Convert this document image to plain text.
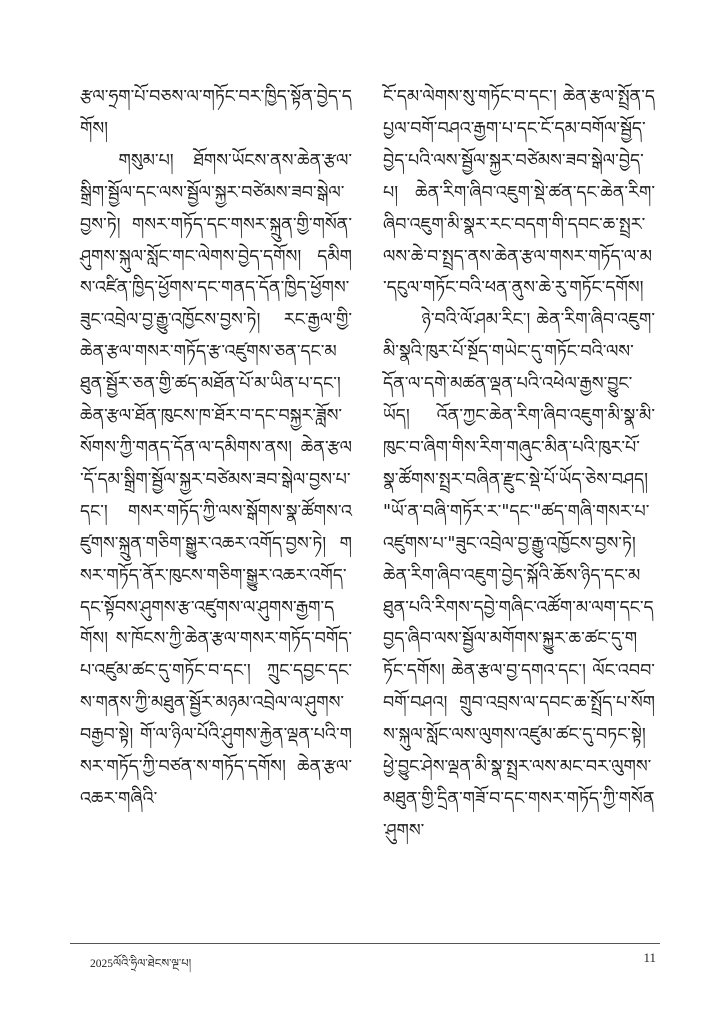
རྩལ་ཧྲག་པོ་བཅས་ལ་གཏོང་བར་ཁྱིད་སྟོན་བྱེད་དགོས།

གསུམ་པ། ཐོགས་ཡོངས་ནས་ཆེན་རྩལ་སྒྲིག་སྦྱོལ་དང་ལས་སྦྱོལ་སྐྱར་བཙེམས་ཟབ་སྒེལ་བྱས་ཏེ། གསར་གཏོད་དང་གསར་སྐྲུན་གྱི་གསོན་ཤུགས་སྐུལ་སློང་གང་ལེགས་བྱེད་དགོས། དམིགས་འཛིན་ཁྱིད་ཕྱོགས་དང་གནད་དོན་ཁྱིད་ཕྱོགས་ཟུང་འབྲེལ་བྱ་རྒྱུ་འཁྱོངས་བྱས་ཏེ། རང་རྒྱལ་གྱི་ཆེན་རྩལ་གསར་གཏོད་རྩ་འཛུགས་ཅན་དང་མཐུན་སྦྱོར་ཅན་གྱི་ཚད་མཐོན་པོ་མ་ཡིན་པ་དང་། ཆེན་རྩལ་ཐོན་ཁུངས་ཁ་ཐོར་བ་དང་བསྐྱར་ཟློས་སོགས་ཀྱི་གནད་དོན་ལ་དམིགས་ནས། ཆེན་རྩལ་དོ་དམ་སྒྲིག་སྦྱོལ་སྐྱར་བཙེམས་ཟབ་སྒེལ་བྱས་པ་དང་། གསར་གཏོད་ཀྱི་ལས་སྒོགས་སྣ་ཚོགས་འཛུགས་སྐྲུན་གཅིག་སྒྱུར་འཆར་འགོད་བྱས་ཏེ། གསར་གཏོད་ནོར་ཁུངས་གཅིག་སྒྱུར་འཆར་འགོད་དང་སྟོབས་ཤུགས་རྩ་འཛུགས་ལ་ཤུགས་རྒྱག་དགོས། ས་ཁོངས་ཀྱི་ཆེན་རྩལ་གསར་གཏོད་བགོད་པ་འཛུམ་ཚང་དུ་གཏོང་བ་དང་། ཀྲུང་དབྱང་དང་ས་གནས་ཀྱི་མཐུན་སྦྱོར་མཉམ་འབྲེལ་ལ་ཤུགས་བརྒྱབ་སྟེ། གོ་ལ་ཉིལ་པོའི་ཤུགས་རྐྱེན་ལྡན་པའི་གསར་གཏོད་ཀྱི་བཙན་ས་གཏོད་དགོས། ཆེན་རྩལ་འཆར་གཞིའི་

ངོ་དམ་ལེགས་སུ་གཏོང་བ་དང་། ཆེན་རྩལ་སྤྲོན་དཔྱལ་བགོ་བཤའ་རྒྱག་པ་དང་ངོ་དམ་བགོལ་སྦྱོད་བྱེད་པའི་ལས་སྦྱོལ་སྐྱར་བཙེམས་ཟབ་སྒེལ་བྱེད་པ། ཆེན་རིག་ཞིབ་འཇུག་སྡེ་ཚན་དང་ཆེན་རིག་ཞིབ་འཇུག་མི་སྣར་རང་བདག་གི་དབང་ཆ་སྤྲར་ལས་ཆེ་བ་སྤྲད་ནས་ཆེན་རྩལ་གསར་གཏོད་ལ་མ་དངུལ་གཏོང་བའི་ཕན་ནུས་ཆེ་རུ་གཏོང་དགོས།

ཉེ་བའི་ལོ་ཤམ་རིང་། ཆེན་རིག་ཞིབ་འཇུག་མི་སྣའི་ཁུར་པོ་སྔོད་གཡེང་དུ་གཏོང་བའི་ལས་དོན་ལ་དགེ་མཚན་ལྡན་པའི་འཕེལ་རྒྱས་བྱུང་ཡོད། འོན་ཀྱང་ཆེན་རིག་ཞིབ་འཇུག་མི་སྣ་མི་ཁུང་བ་ཞིག་གིས་རིག་གཞུང་མིན་པའི་ཁུར་པོ་སྣ་ཚོགས་སྤྲར་བཞིན་རྫུང་སྡེ་པོ་ཡོད་ཅེས་བཤད། "ཡོ་ན་བཞི་གཏོར་ར་"དང་"ཚད་གཞི་གསར་པ་འཛུགས་པ་"ཟུང་འབྲེལ་བྱ་རྒྱུ་འཁྱོངས་བྱས་ཏེ། ཆེན་རིག་ཞིབ་འཇུག་བྱེད་སྐོའི་ཆོས་ཉིད་དང་མཐུན་པའི་རིགས་དབྱེ་གཞིང་འཚོག་མ་ལག་དང་དབྱད་ཞིབ་ལས་སྦྱོལ་མགོགས་སྐྱུར་ཆ་ཚང་དུ་གཏོང་དགོས། ཆེན་རྩལ་བྱ་དགའ་དང་། ལོང་འབབ་བགོ་བཤའ། གྲུབ་འབྲས་ལ་དབང་ཆ་སྤྲོད་པ་སོགས་སྐུལ་སློང་ལས་ལུགས་འཛུམ་ཚང་དུ་བཏང་སྟེ། ཕྱེ་བྱུང་ཤེས་ལྡན་མི་སྣ་སྤྲར་ལས་མང་བར་ལུགས་མཐུན་གྱི་དྲིན་གཟོ་བ་དང་གསར་གཏོད་ཀྱི་གསོན་ཤུགས་

2025ལོའི་ཧྲིལ་ཐེངས་ལྔ་པ།	11
